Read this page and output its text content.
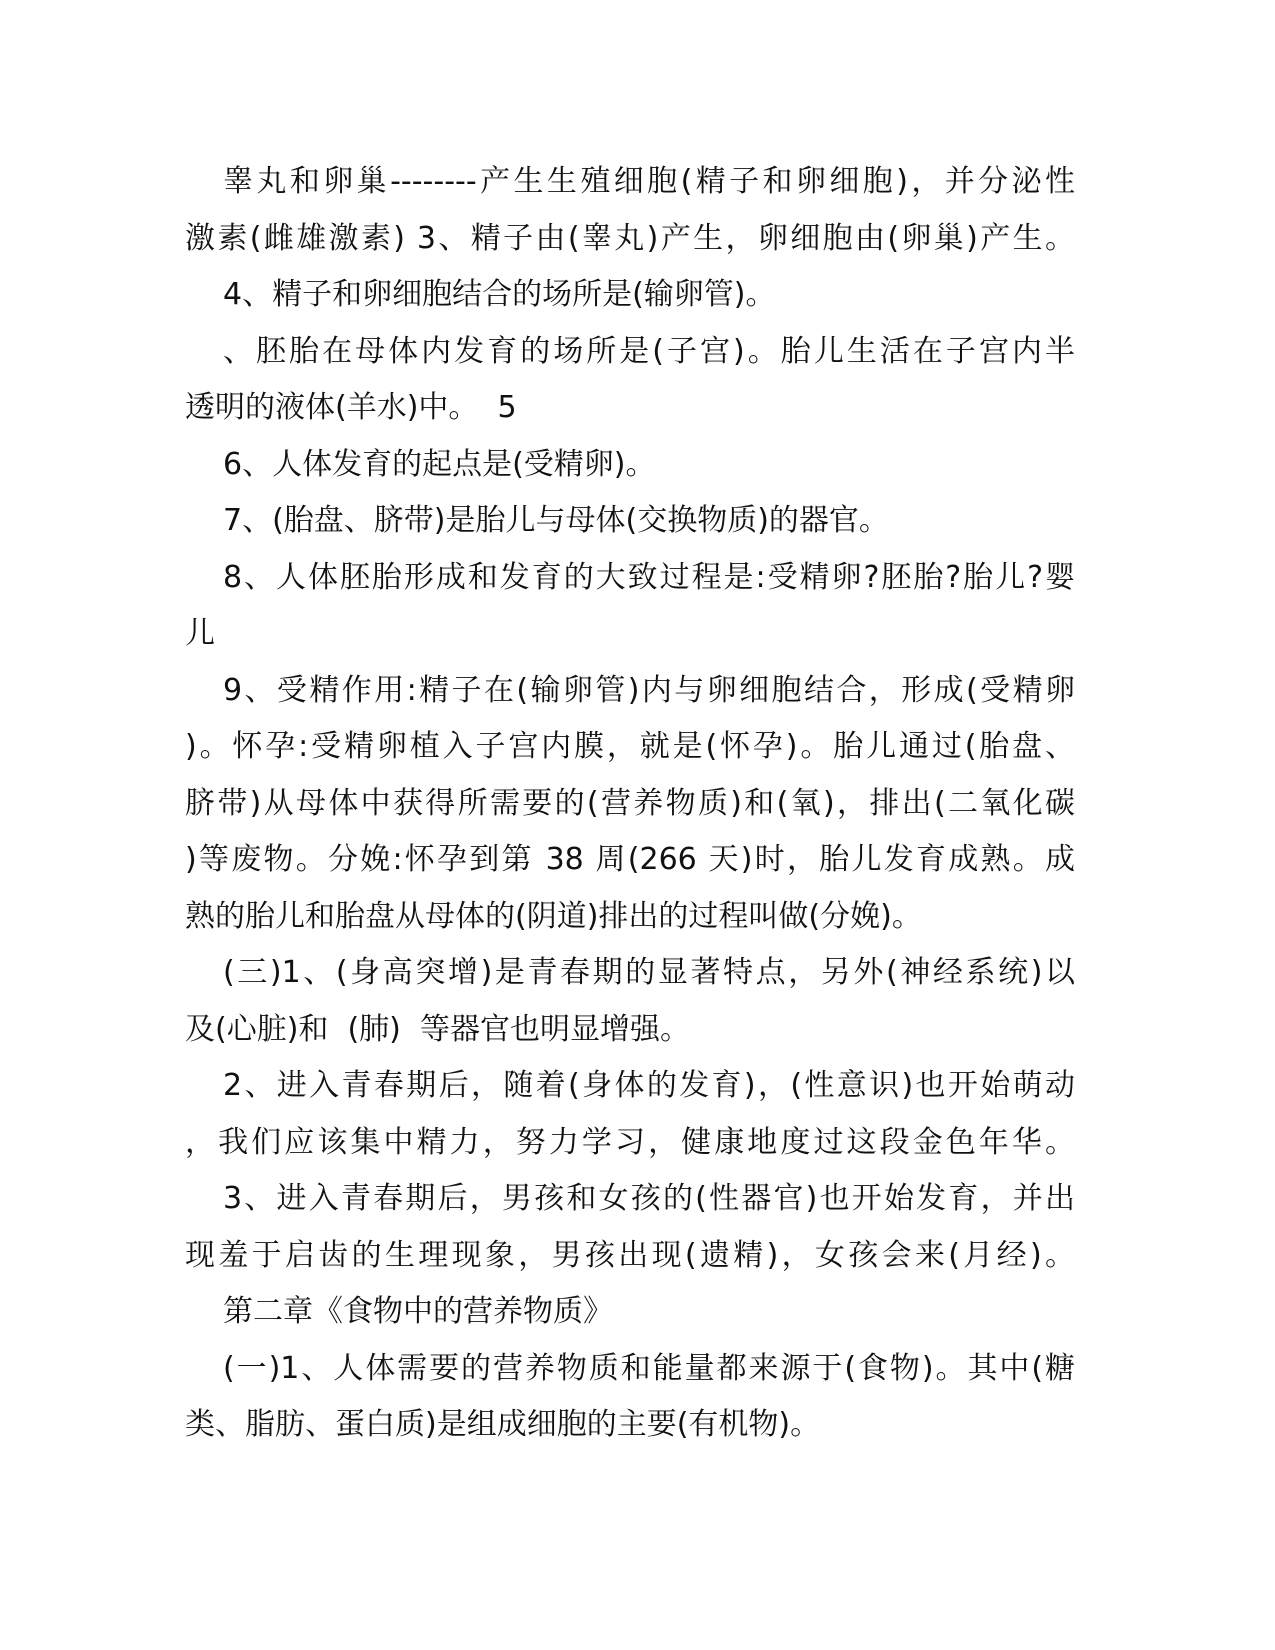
睾丸和卵巢--------产生生殖细胞(精子和卵细胞)，并分泌性
激素(雌雄激素) 3、精子由(睾丸)产生，卵细胞由(卵巢)产生。
4、精子和卵细胞结合的场所是(输卵管)。
、胚胎在母体内发育的场所是(子宫)。胎儿生活在子宫内半
透明的液体(羊水)中。  5
6、人体发育的起点是(受精卵)。
7、(胎盘、脐带)是胎儿与母体(交换物质)的器官。
8、人体胚胎形成和发育的大致过程是:受精卵?胚胎?胎儿?婴
儿
9、受精作用:精子在(输卵管)内与卵细胞结合，形成(受精卵
)。怀孕:受精卵植入子宫内膜，就是(怀孕)。胎儿通过(胎盘、
脐带)从母体中获得所需要的(营养物质)和(氧)，排出(二氧化碳
)等废物。分娩:怀孕到第 38 周(266 天)时，胎儿发育成熟。成
熟的胎儿和胎盘从母体的(阴道)排出的过程叫做(分娩)。
(三)1、(身高突增)是青春期的显著特点，另外(神经系统)以
及(心脏)和  (肺)  等器官也明显增强。
2、进入青春期后，随着(身体的发育)，(性意识)也开始萌动
，我们应该集中精力，努力学习，健康地度过这段金色年华。
3、进入青春期后，男孩和女孩的(性器官)也开始发育，并出
现羞于启齿的生理现象，男孩出现(遗精)，女孩会来(月经)。
第二章《食物中的营养物质》
(一)1、人体需要的营养物质和能量都来源于(食物)。其中(糖
类、脂肪、蛋白质)是组成细胞的主要(有机物)。
